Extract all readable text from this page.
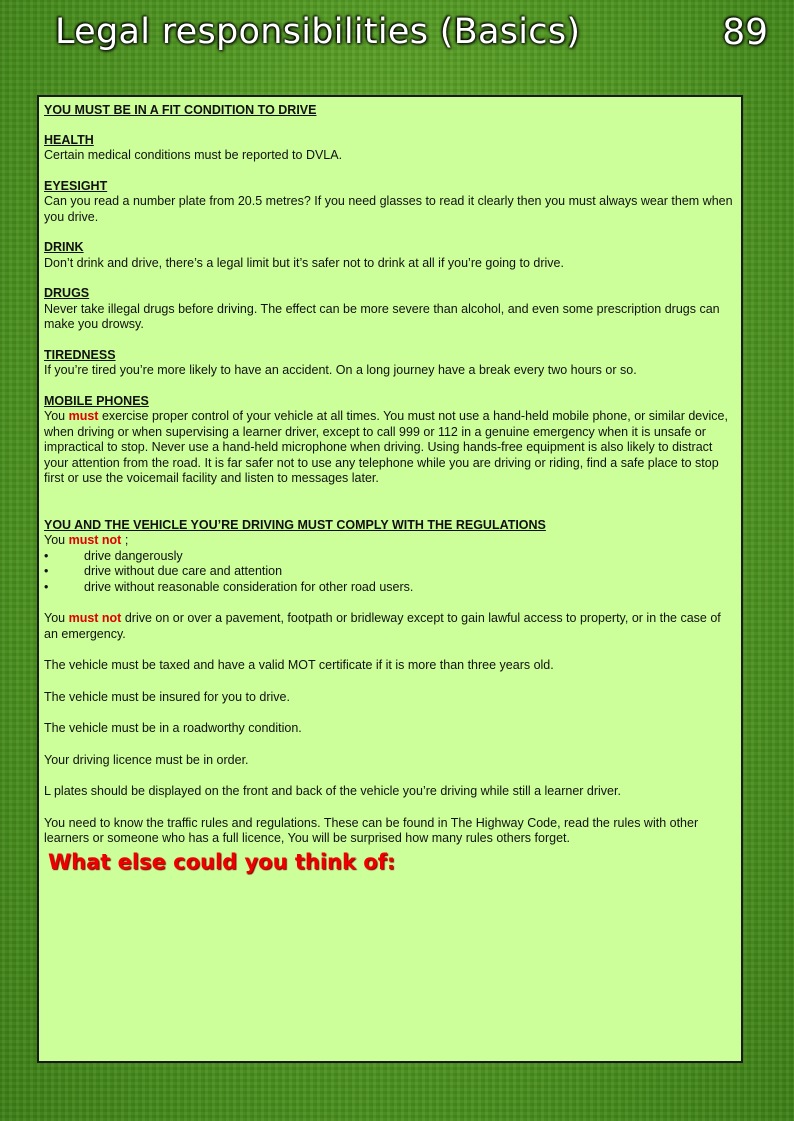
Legal responsibilities (Basics)	89
YOU MUST BE IN A FIT CONDITION TO DRIVE
HEALTH
Certain medical conditions must be reported to DVLA.
EYESIGHT
Can you read a number plate from 20.5 metres? If you need glasses to read it clearly then you must always wear them when you drive.
DRINK
Don’t drink and drive, there’s a legal limit but it’s safer not to drink at all if you’re going to drive.
DRUGS
Never take illegal drugs before driving. The effect can be more severe than alcohol, and even some prescription drugs can make you drowsy.
TIREDNESS
If you’re tired you’re more likely to have an accident. On a long journey have a break every two hours or so.
MOBILE PHONES
You must exercise proper control of your vehicle at all times. You must not use a hand-held mobile phone, or similar device, when driving or when supervising a learner driver, except to call 999 or 112 in a genuine emergency when it is unsafe or impractical to stop. Never use a hand-held microphone when driving. Using hands-free equipment is also likely to distract your attention from the road. It is far safer not to use any telephone while you are driving or riding, find a safe place to stop first or use the voicemail facility and listen to messages later.
YOU AND THE VEHICLE YOU’RE DRIVING MUST COMPLY WITH THE REGULATIONS
You must not ;
•	drive dangerously
•	drive without due care and attention
•	drive without reasonable consideration for other road users.

You must not drive on or over a pavement, footpath or bridleway except to gain lawful access to property, or in the case of an emergency.

The vehicle must be taxed and have a valid MOT certificate if it is more than three years old.

The vehicle must be insured for you to drive.

The vehicle must be in a roadworthy condition.

Your driving licence must be in order.

L plates should be displayed on the front and back of the vehicle you’re driving while still a learner driver.

You need to know the traffic rules and regulations. These can be found in The Highway Code, read the rules with other learners or someone who has a full licence, You will be surprised how many rules others forget.

What else could you think of:
